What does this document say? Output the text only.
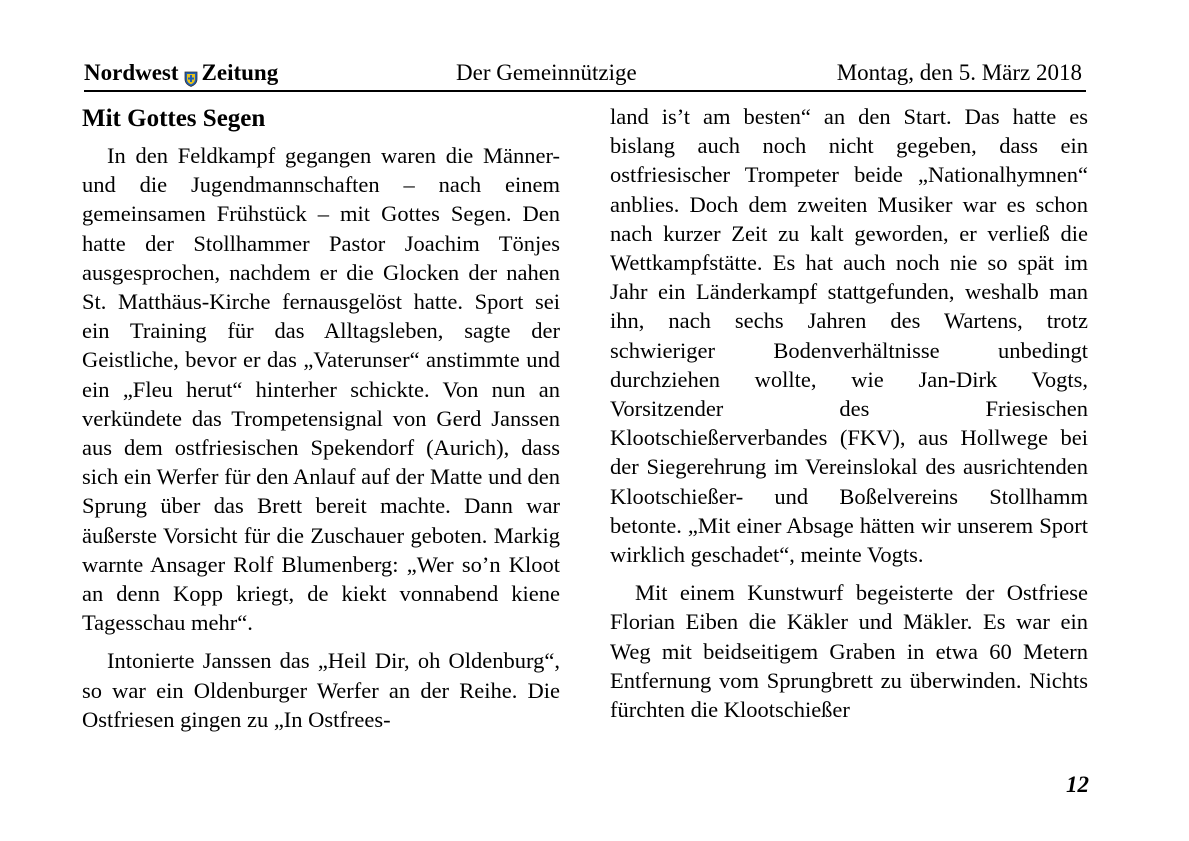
Nordwest Zeitung	Der Gemeinnützige	Montag, den 5. März 2018
Mit Gottes Segen

In den Feldkampf gegangen waren die Männer- und die Jugendmannschaften – nach einem gemeinsamen Frühstück – mit Gottes Segen. Den hatte der Stollhammer Pastor Joachim Tönjes ausgesprochen, nachdem er die Glocken der nahen St. Matthäus-Kirche fernausgelöst hatte. Sport sei ein Training für das Alltagsleben, sagte der Geistliche, bevor er das „Vaterunser“ anstimmte und ein „Fleu herut“ hinterher schickte. Von nun an verkündete das Trompetensignal von Gerd Janssen aus dem ostfriesischen Spekendorf (Aurich), dass sich ein Werfer für den Anlauf auf der Matte und den Sprung über das Brett bereit machte. Dann war äußerste Vorsicht für die Zuschauer geboten. Markig warnte Ansager Rolf Blumenberg: „Wer so’n Kloot an denn Kopp kriegt, de kiekt vonnabend kiene Tagesschau mehr“.

Intonierte Janssen das „Heil Dir, oh Oldenburg“, so war ein Oldenburger Werfer an der Reihe. Die Ostfriesen gingen zu „In Ostfrees-

land is’t am besten“ an den Start. Das hatte es bislang auch noch nicht gegeben, dass ein ostfriesischer Trompeter beide „Nationalhymnen“ anblies. Doch dem zweiten Musiker war es schon nach kurzer Zeit zu kalt geworden, er verließ die Wettkampfstätte. Es hat auch noch nie so spät im Jahr ein Länderkampf stattgefunden, weshalb man ihn, nach sechs Jahren des Wartens, trotz schwieriger Bodenverhältnisse unbedingt durchziehen wollte, wie Jan-Dirk Vogts, Vorsitzender des Friesischen Klootschießerverbandes (FKV), aus Hollwege bei der Siegerehrung im Vereinslokal des ausrichtenden Klootschießer- und Boßelvereins Stollhamm betonte. „Mit einer Absage hätten wir unserem Sport wirklich geschadet“, meinte Vogts.

Mit einem Kunstwurf begeisterte der Ostfriese Florian Eiben die Käkler und Mäkler. Es war ein Weg mit beidseitigem Graben in etwa 60 Metern Entfernung vom Sprungbrett zu überwinden. Nichts fürchten die Klootschießer

12
